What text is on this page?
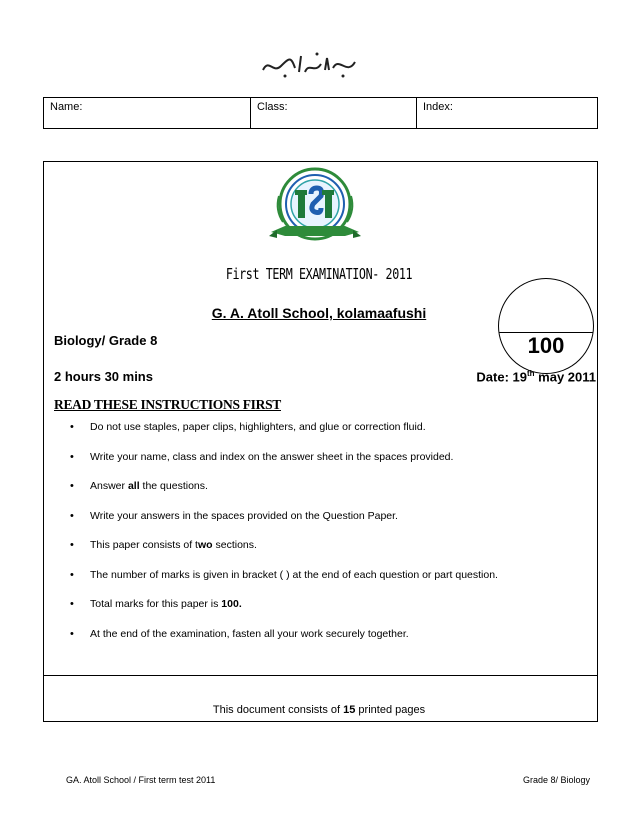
Name:	Class:	Index:
First TERM EXAMINATION- 2011
G. A. Atoll School, kolamaafushi
100
Biology/ Grade 8
2 hours 30 mins	Date: 19th may 2011
READ THESE INSTRUCTIONS FIRST
• Do not use staples, paper clips, highlighters, and glue or correction fluid.
• Write your name, class and index on the answer sheet in the spaces provided.
• Answer all the questions.
• Write your answers in the spaces provided on the Question Paper.
• This paper consists of two sections.
• The number of marks is given in bracket ( ) at the end of each question or part question.
• Total marks for this paper is 100.
• At the end of the examination, fasten all your work securely together.
This document consists of 15 printed pages
GA. Atoll School / First term test 2011	Grade 8/ Biology
